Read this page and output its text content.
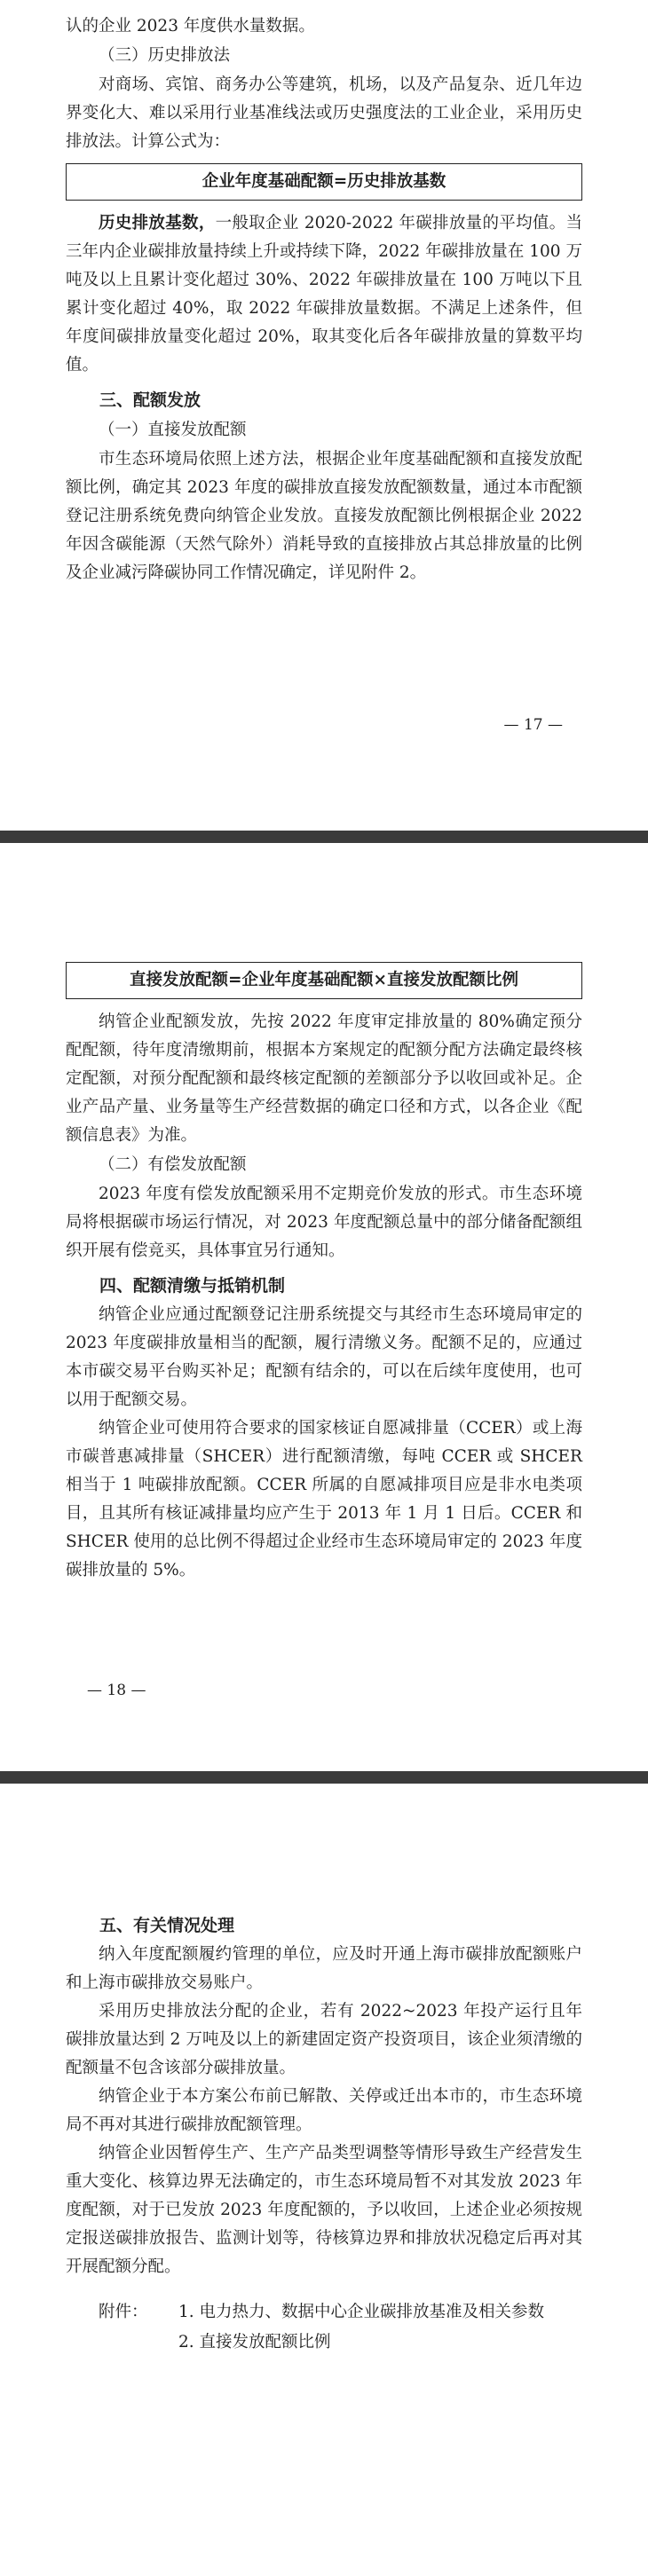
认的企业 2023 年度供水量数据。

（三）历史排放法

对商场、宾馆、商务办公等建筑，机场，以及产品复杂、近几年边界变化大、难以采用行业基准线法或历史强度法的工业企业，采用历史排放法。计算公式为：

企业年度基础配额=历史排放基数

历史排放基数，一般取企业 2020-2022 年碳排放量的平均值。当三年内企业碳排放量持续上升或持续下降，2022 年碳排放量在 100 万吨及以上且累计变化超过 30%、2022 年碳排放量在 100 万吨以下且累计变化超过 40%，取 2022 年碳排放量数据。不满足上述条件，但年度间碳排放量变化超过 20%，取其变化后各年碳排放量的算数平均值。

三、配额发放

（一）直接发放配额

市生态环境局依照上述方法，根据企业年度基础配额和直接发放配额比例，确定其 2023 年度的碳排放直接发放配额数量，通过本市配额登记注册系统免费向纳管企业发放。直接发放配额比例根据企业 2022 年因含碳能源（天然气除外）消耗导致的直接排放占其总排放量的比例及企业减污降碳协同工作情况确定，详见附件 2。

— 17 —
直接发放配额=企业年度基础配额×直接发放配额比例

纳管企业配额发放，先按 2022 年度审定排放量的 80%确定预分配配额，待年度清缴期前，根据本方案规定的配额分配方法确定最终核定配额，对预分配配额和最终核定配额的差额部分予以收回或补足。企业产品产量、业务量等生产经营数据的确定口径和方式，以各企业《配额信息表》为准。

（二）有偿发放配额

2023 年度有偿发放配额采用不定期竞价发放的形式。市生态环境局将根据碳市场运行情况，对 2023 年度配额总量中的部分储备配额组织开展有偿竞买，具体事宜另行通知。

四、配额清缴与抵销机制

纳管企业应通过配额登记注册系统提交与其经市生态环境局审定的 2023 年度碳排放量相当的配额，履行清缴义务。配额不足的，应通过本市碳交易平台购买补足；配额有结余的，可以在后续年度使用，也可以用于配额交易。

纳管企业可使用符合要求的国家核证自愿减排量（CCER）或上海市碳普惠减排量（SHCER）进行配额清缴，每吨 CCER 或 SHCER 相当于 1 吨碳排放配额。CCER 所属的自愿减排项目应是非水电类项目，且其所有核证减排量均应产生于 2013 年 1 月 1 日后。CCER 和 SHCER 使用的总比例不得超过企业经市生态环境局审定的 2023 年度碳排放量的 5%。

— 18 —

五、有关情况处理

纳入年度配额履约管理的单位，应及时开通上海市碳排放配额账户和上海市碳排放交易账户。

采用历史排放法分配的企业，若有 2022~2023 年投产运行且年碳排放量达到 2 万吨及以上的新建固定资产投资项目，该企业须清缴的配额量不包含该部分碳排放量。

纳管企业于本方案公布前已解散、关停或迁出本市的，市生态环境局不再对其进行碳排放配额管理。

纳管企业因暂停生产、生产产品类型调整等情形导致生产经营发生重大变化、核算边界无法确定的，市生态环境局暂不对其发放 2023 年度配额，对于已发放 2023 年度配额的，予以收回，上述企业必须按规定报送碳排放报告、监测计划等，待核算边界和排放状况稳定后再对其开展配额分配。

附件：	1. 电力热力、数据中心企业碳排放基准及相关参数
2. 直接发放配额比例
